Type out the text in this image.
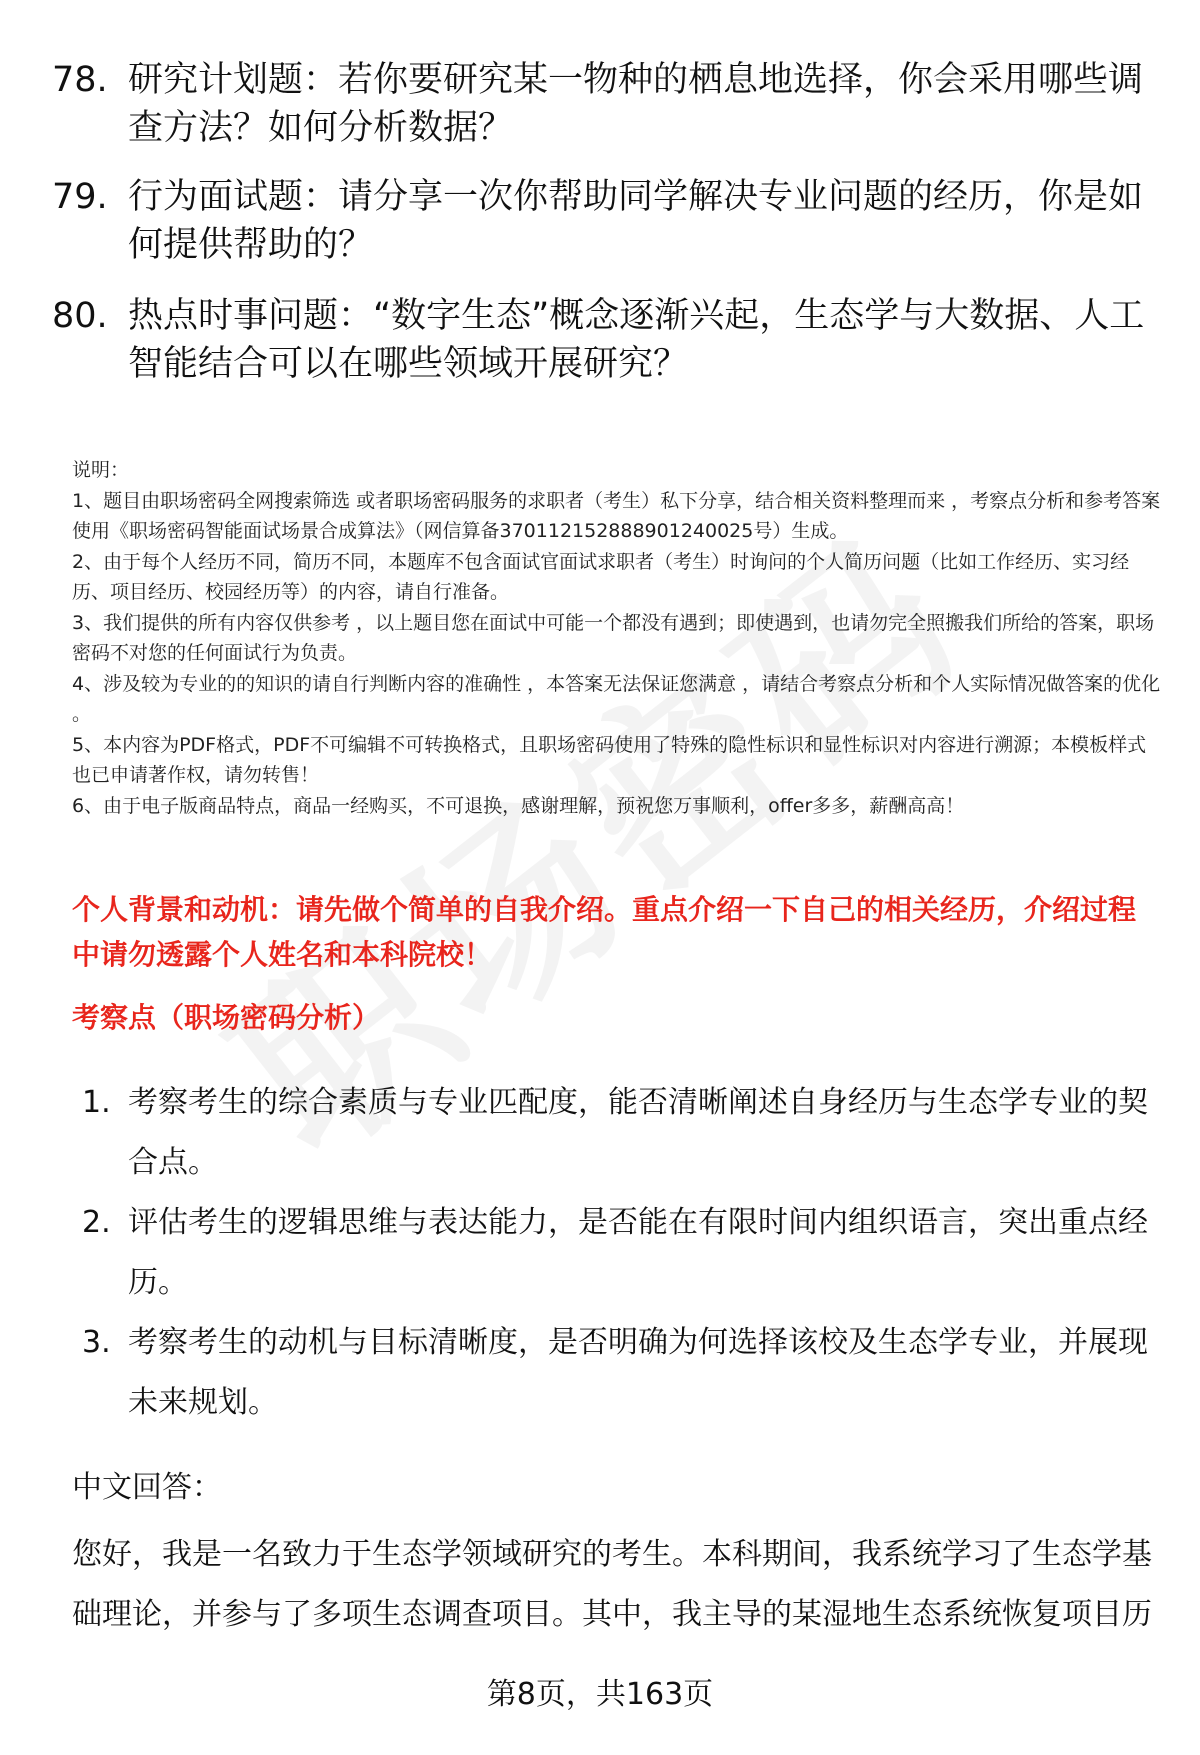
78. 研究计划题：若你要研究某一物种的栖息地选择，你会采用哪些调查方法？如何分析数据？
79. 行为面试题：请分享一次你帮助同学解决专业问题的经历，你是如何提供帮助的？
80. 热点时事问题：“数字生态”概念逐渐兴起，生态学与大数据、人工智能结合可以在哪些领域开展研究？

说明：

1、题目由职场密码全网搜索筛选 或者职场密码服务的求职者（考生）私下分享，结合相关资料整理而来 ，考察点分析和参考答案使用《职场密码智能面试场景合成算法》（网信算备370112152888901240025号）生成。

2、由于每个人经历不同，简历不同，本题库不包含面试官面试求职者（考生）时询问的个人简历问题（比如工作经历、实习经历、项目经历、校园经历等）的内容，请自行准备。

3、我们提供的所有内容仅供参考 ，以上题目您在面试中可能一个都没有遇到；即使遇到，也请勿完全照搬我们所给的答案，职场密码不对您的任何面试行为负责。

4、涉及较为专业的的知识的请自行判断内容的准确性 ，本答案无法保证您满意 ，请结合考察点分析和个人实际情况做答案的优化 。

5、本内容为PDF格式，PDF不可编辑不可转换格式，且职场密码使用了特殊的隐性标识和显性标识对内容进行溯源；本模板样式也已申请著作权，请勿转售！

6、由于电子版商品特点，商品一经购买，不可退换，感谢理解，预祝您万事顺利，offer多多，薪酬高高！

个人背景和动机：请先做个简单的自我介绍。重点介绍一下自己的相关经历，介绍过程中请勿透露个人姓名和本科院校！
考察点（职场密码分析）
1. 考察考生的综合素质与专业匹配度，能否清晰阐述自身经历与生态学专业的契合点。
2. 评估考生的逻辑思维与表达能力，是否能在有限时间内组织语言，突出重点经历。
3. 考察考生的动机与目标清晰度，是否明确为何选择该校及生态学专业，并展现未来规划。
中文回答：
您好，我是一名致力于生态学领域研究的考生。本科期间，我系统学习了生态学基础理论，并参与了多项生态调查项目。其中，我主导的某湿地生态系统恢复项目历
第8页，共163页
